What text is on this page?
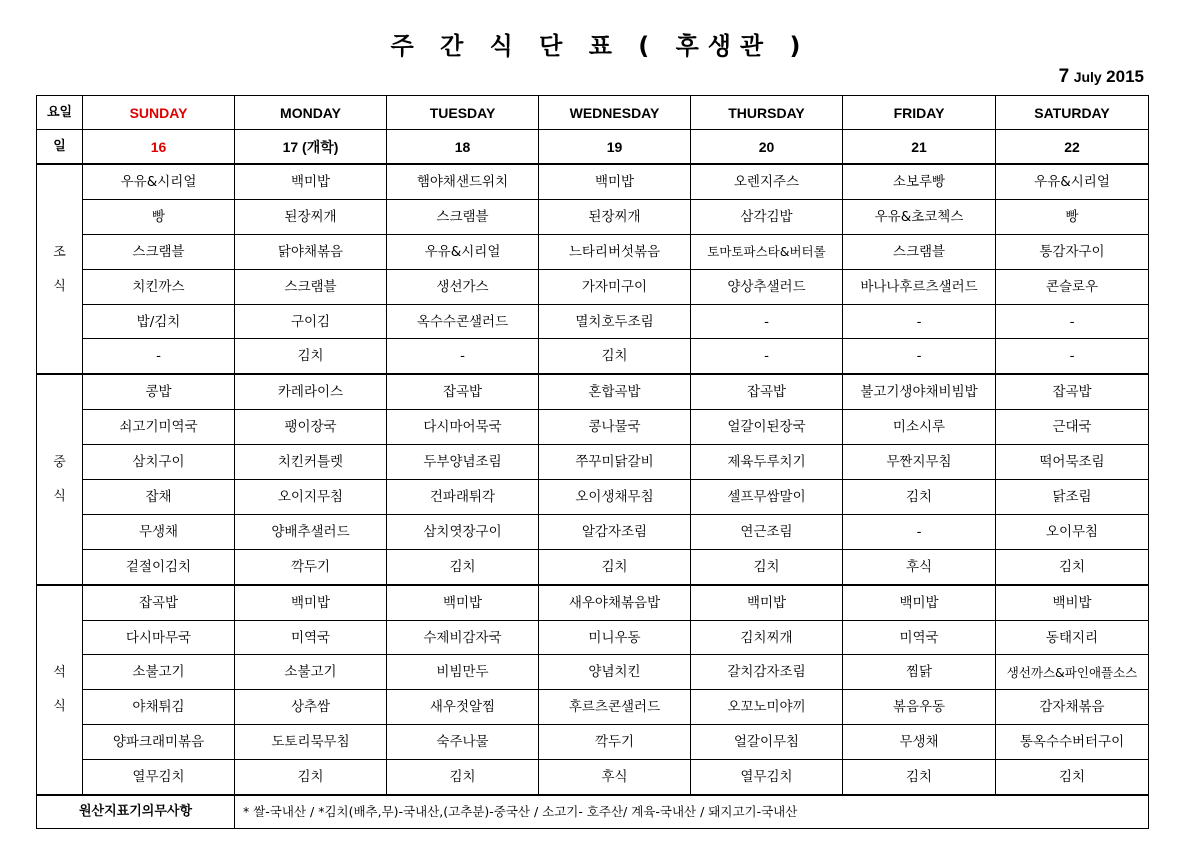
주 간 식 단 표 ( 후생관 )
7 July 2015
요일	SUNDAY	MONDAY	TUESDAY	WEDNESDAY	THURSDAY	FRIDAY	SATURDAY
일	16	17 (개학)	18	19	20	21	22
조

식	우유&시리얼	백미밥	햄야채샌드위치	백미밥	오렌지주스	소보루빵	우유&시리얼
	빵	된장찌개	스크램블	된장찌개	삼각김밥	우유&초코첵스	빵
	스크램블	닭야채볶음	우유&시리얼	느타리버섯볶음	토마토파스타&버터롤	스크램블	통감자구이
	치킨까스	스크램블	생선가스	가자미구이	양상추샐러드	바나나후르츠샐러드	콘슬로우
	밥/김치	구이김	옥수수콘샐러드	멸치호두조림	-	-	-
	-	김치	-	김치	-	-	-
중

식	콩밥	카레라이스	잡곡밥	혼합곡밥	잡곡밥	불고기생야채비빔밥	잡곡밥
	쇠고기미역국	팽이장국	다시마어묵국	콩나물국	얼갈이된장국	미소시루	근대국
	삼치구이	치킨커틀렛	두부양념조림	쭈꾸미닭갈비	제육두루치기	무짠지무침	떡어묵조림
	잡채	오이지무침	건파래튀각	오이생채무침	셀프무쌈말이	김치	닭조림
	무생채	양배추샐러드	삼치엿장구이	알감자조림	연근조림	-	오이무침
	겉절이김치	깍두기	김치	김치	김치	후식	김치
석

식	잡곡밥	백미밥	백미밥	새우야채볶음밥	백미밥	백미밥	백비밥
	다시마무국	미역국	수제비감자국	미니우동	김치찌개	미역국	동태지리
	소불고기	소불고기	비빔만두	양념치킨	갈치감자조림	찜닭	생선까스&파인애플소스
	야채튀김	상추쌈	새우젓알찜	후르츠콘샐러드	오꼬노미야끼	볶음우동	감자채볶음
	양파크래미볶음	도토리묵무침	숙주나물	깍두기	얼갈이무침	무생채	통옥수수버터구이
	열무김치	김치	김치	후식	열무김치	김치	김치
원산지표기의무사항		* 쌀-국내산 / *김치(배추,무)-국내산,(고추분)-중국산 / 소고기- 호주산/ 계육-국내산 / 돼지고기-국내산					
